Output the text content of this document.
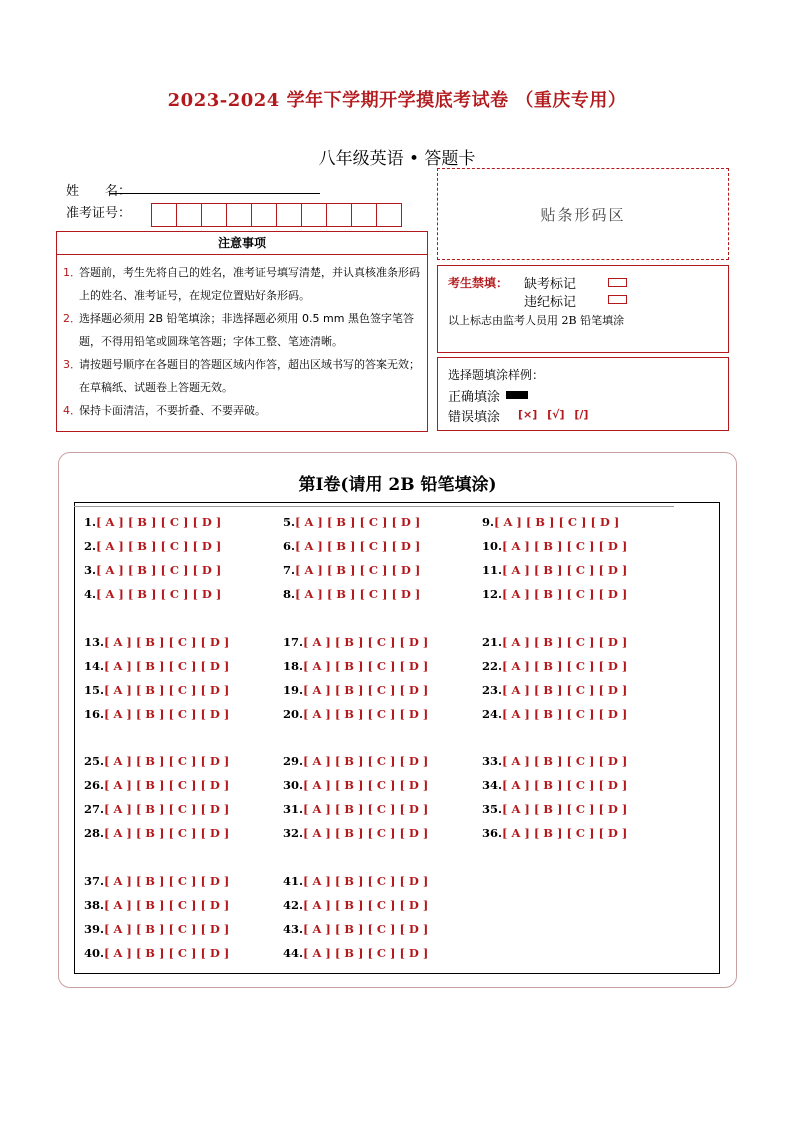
2023-2024 学年下学期开学摸底考试卷 （重庆专用）
八年级英语 • 答题卡
姓　　名：
准考证号：	贴条形码区
注意事项
1．
答题前，考生先将自己的姓名，准考证号填写清楚，并认真核准条形码上的姓名、准考证号，在规定位置贴好条形码。
2．
选择题必须用 2B 铅笔填涂；非选择题必须用 0.5 mm 黑色签字笔答题，不得用铅笔或圆珠笔答题；字体工整、笔迹清晰。
3．
请按题号顺序在各题目的答题区域内作答，超出区域书写的答案无效；在草稿纸、试题卷上答题无效。
4．
保持卡面清洁，不要折叠、不要弄破。
考生禁填： 缺考标记
违纪标记
以上标志由监考人员用 2B 铅笔填涂
选择题填涂样例：
正确填涂
错误填涂 [×] [√] [/]
第Ⅰ卷(请用 2B 铅笔填涂)
1.[ A ] [ B ] [ C ] [ D ]
2.[ A ] [ B ] [ C ] [ D ]
3.[ A ] [ B ] [ C ] [ D ]
4.[ A ] [ B ] [ C ] [ D ]
5.[ A ] [ B ] [ C ] [ D ]
6.[ A ] [ B ] [ C ] [ D ]
7.[ A ] [ B ] [ C ] [ D ]
8.[ A ] [ B ] [ C ] [ D ]
9.[ A ] [ B ] [ C ] [ D ]
10.[ A ] [ B ] [ C ] [ D ]
11.[ A ] [ B ] [ C ] [ D ]
12.[ A ] [ B ] [ C ] [ D ]
13.[ A ] [ B ] [ C ] [ D ]
14.[ A ] [ B ] [ C ] [ D ]
15.[ A ] [ B ] [ C ] [ D ]
16.[ A ] [ B ] [ C ] [ D ]
17.[ A ] [ B ] [ C ] [ D ]
18.[ A ] [ B ] [ C ] [ D ]
19.[ A ] [ B ] [ C ] [ D ]
20.[ A ] [ B ] [ C ] [ D ]
21.[ A ] [ B ] [ C ] [ D ]
22.[ A ] [ B ] [ C ] [ D ]
23.[ A ] [ B ] [ C ] [ D ]
24.[ A ] [ B ] [ C ] [ D ]
25.[ A ] [ B ] [ C ] [ D ]
26.[ A ] [ B ] [ C ] [ D ]
27.[ A ] [ B ] [ C ] [ D ]
28.[ A ] [ B ] [ C ] [ D ]
29.[ A ] [ B ] [ C ] [ D ]
30.[ A ] [ B ] [ C ] [ D ]
31.[ A ] [ B ] [ C ] [ D ]
32.[ A ] [ B ] [ C ] [ D ]
33.[ A ] [ B ] [ C ] [ D ]
34.[ A ] [ B ] [ C ] [ D ]
35.[ A ] [ B ] [ C ] [ D ]
36.[ A ] [ B ] [ C ] [ D ]
37.[ A ] [ B ] [ C ] [ D ]
38.[ A ] [ B ] [ C ] [ D ]
39.[ A ] [ B ] [ C ] [ D ]
40.[ A ] [ B ] [ C ] [ D ]
41.[ A ] [ B ] [ C ] [ D ]
42.[ A ] [ B ] [ C ] [ D ]
43.[ A ] [ B ] [ C ] [ D ]
44.[ A ] [ B ] [ C ] [ D ]
